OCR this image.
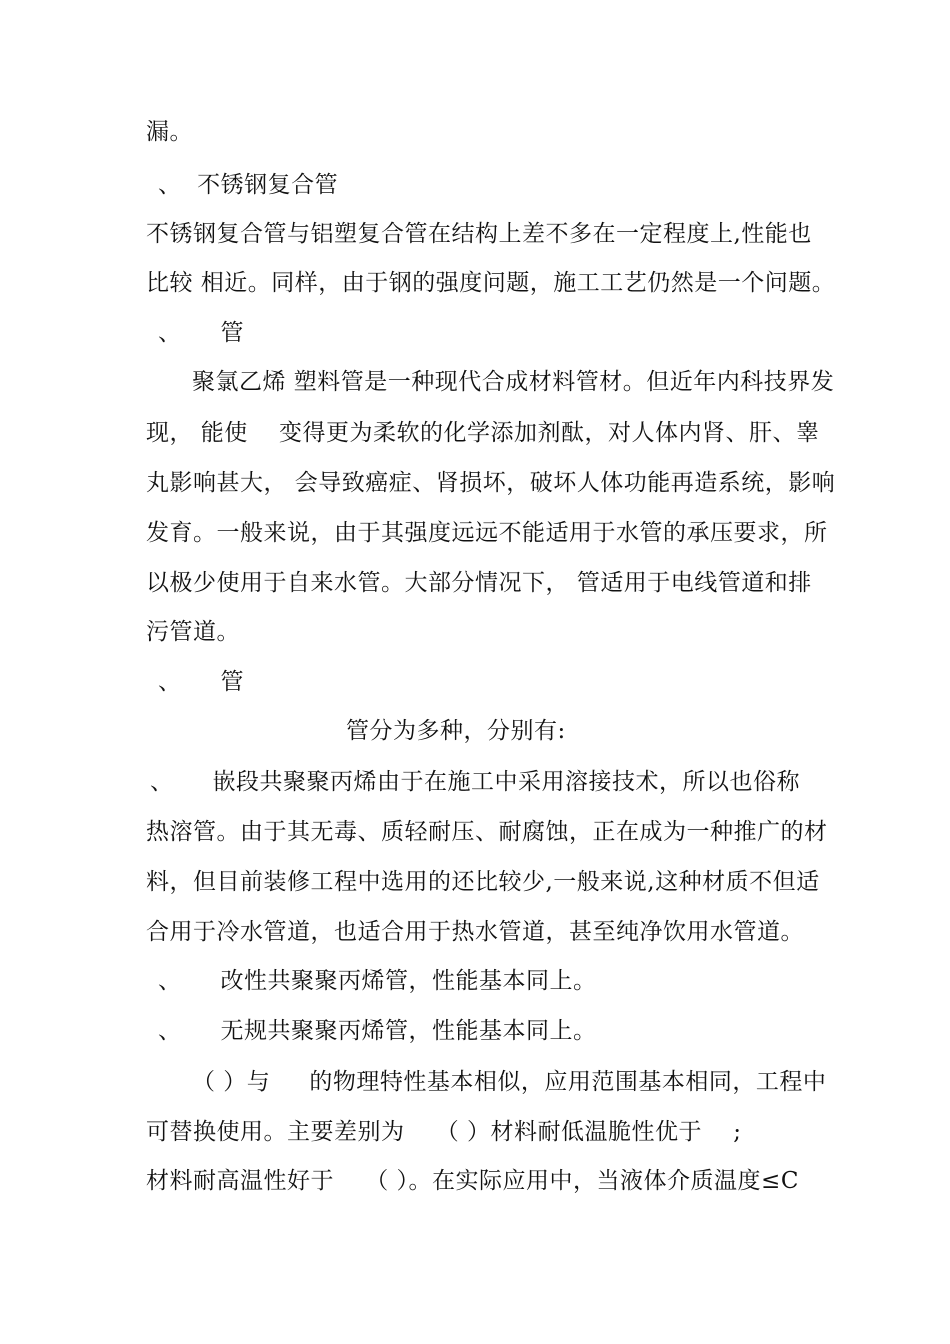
漏。
、  不锈钢复合管
不锈钢复合管与铝塑复合管在结构上差不多在一定程度上,性能也
比较 相近。同样，由于钢的强度问题，施工工艺仍然是一个问题。
、     管
聚氯乙烯 塑料管是一种现代合成材料管材。但近年内科技界发
现， 能使    变得更为柔软的化学添加剂酞，对人体内肾、肝、睾
丸影响甚大， 会导致癌症、肾损坏，破坏人体功能再造系统，影响
发育。一般来说，由于其强度远远不能适用于水管的承压要求，所
以极少使用于自来水管。大部分情况下， 管适用于电线管道和排
污管道。
、     管
管分为多种，分别有:
、     嵌段共聚聚丙烯由于在施工中采用溶接技术，所以也俗称
热溶管。由于其无毒、质轻耐压、耐腐蚀，正在成为一种推广的材
料，但目前装修工程中选用的还比较少,一般来说,这种材质不但适
合用于冷水管道，也适合用于热水管道，甚至纯净饮用水管道。
、     改性共聚聚丙烯管，性能基本同上。
、     无规共聚聚丙烯管，性能基本同上。
（ ）与     的物理特性基本相似，应用范围基本相同，工程中
可替换使用。主要差别为    （ ）材料耐低温脆性优于    ;
材料耐高温性好于    （ ）。在实际应用中，当液体介质温度≤C
